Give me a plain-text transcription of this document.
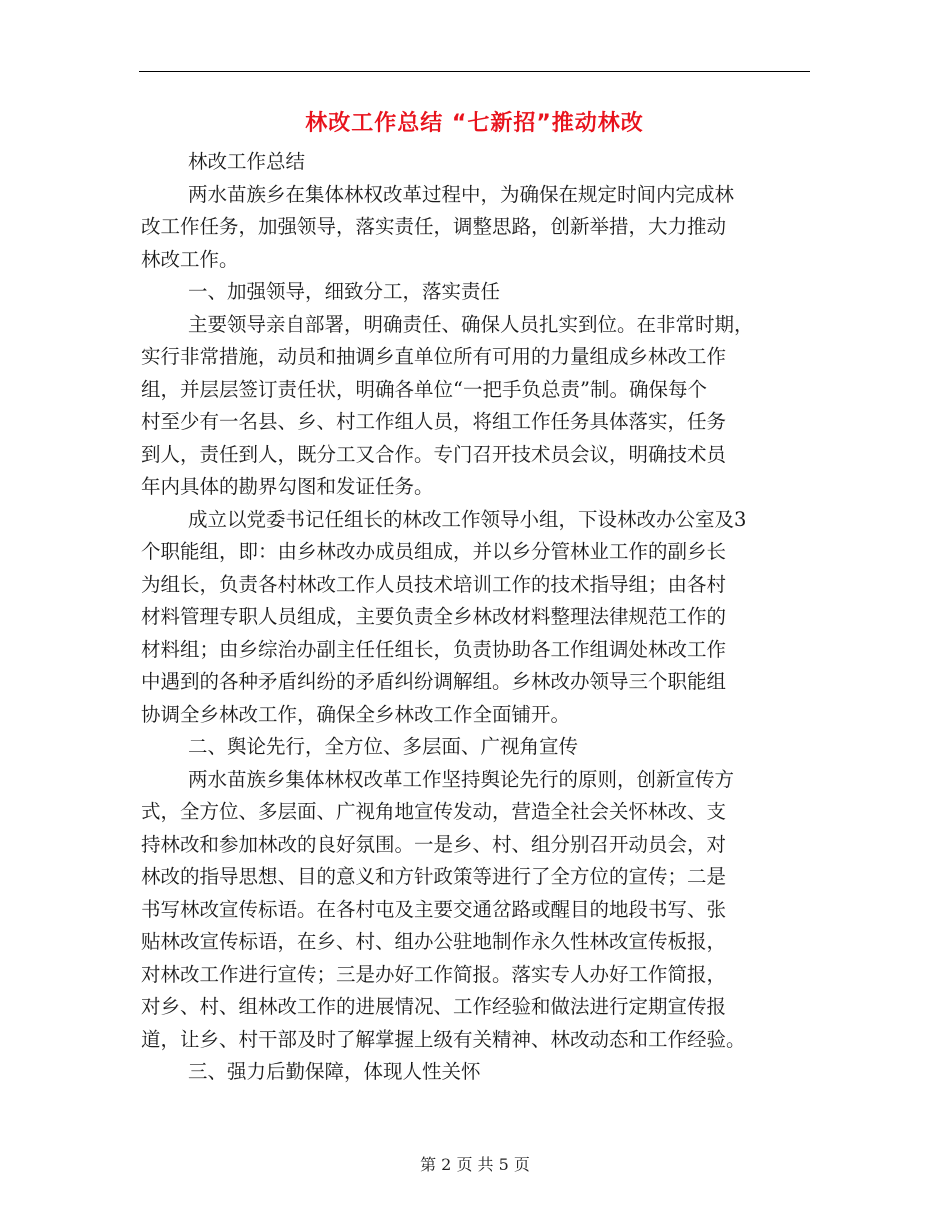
林改工作总结 “七新招”推动林改
林改工作总结
两水苗族乡在集体林权改革过程中，为确保在规定时间内完成林
改工作任务，加强领导，落实责任，调整思路，创新举措，大力推动
林改工作。
一、加强领导，细致分工，落实责任
主要领导亲自部署，明确责任、确保人员扎实到位。在非常时期，
实行非常措施，动员和抽调乡直单位所有可用的力量组成乡林改工作
组，并层层签订责任状，明确各单位“一把手负总责”制。确保每个
村至少有一名县、乡、村工作组人员，将组工作任务具体落实，任务
到人，责任到人，既分工又合作。专门召开技术员会议，明确技术员
年内具体的勘界勾图和发证任务。
成立以党委书记任组长的林改工作领导小组，下设林改办公室及3
个职能组，即：由乡林改办成员组成，并以乡分管林业工作的副乡长
为组长，负责各村林改工作人员技术培训工作的技术指导组；由各村
材料管理专职人员组成，主要负责全乡林改材料整理法律规范工作的
材料组；由乡综治办副主任任组长，负责协助各工作组调处林改工作
中遇到的各种矛盾纠纷的矛盾纠纷调解组。乡林改办领导三个职能组
协调全乡林改工作，确保全乡林改工作全面铺开。
二、舆论先行，全方位、多层面、广视角宣传
两水苗族乡集体林权改革工作坚持舆论先行的原则，创新宣传方
式，全方位、多层面、广视角地宣传发动，营造全社会关怀林改、支
持林改和参加林改的良好氛围。一是乡、村、组分别召开动员会，对
林改的指导思想、目的意义和方针政策等进行了全方位的宣传；二是
书写林改宣传标语。在各村屯及主要交通岔路或醒目的地段书写、张
贴林改宣传标语，在乡、村、组办公驻地制作永久性林改宣传板报，
对林改工作进行宣传；三是办好工作简报。落实专人办好工作简报，
对乡、村、组林改工作的进展情况、工作经验和做法进行定期宣传报
道，让乡、村干部及时了解掌握上级有关精神、林改动态和工作经验。
三、强力后勤保障，体现人性关怀
第 2 页 共 5 页
